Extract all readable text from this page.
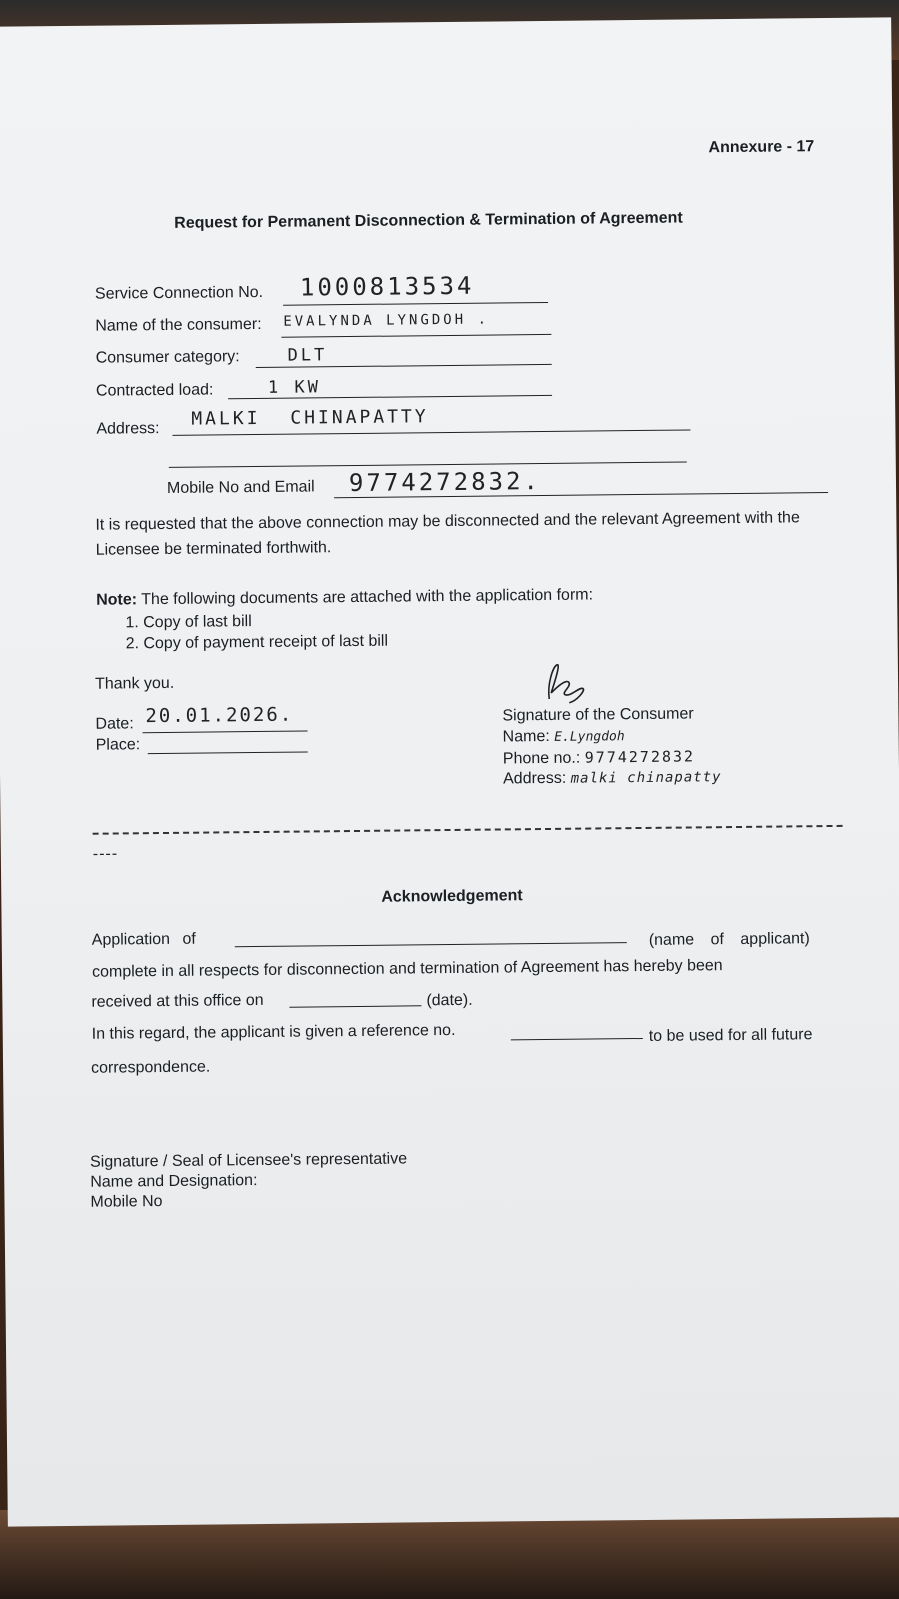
Annexure - 17
Request for Permanent Disconnection & Termination of Agreement
Service Connection No. 1000813534
Name of the consumer: EVALYNDA LYNGDOH .
Consumer category:	DLT
Contracted load:	1 KW
Address: MALKI CHINAPATTY
Mobile No and Email 9774272832.
It is requested that the above connection may be disconnected and the relevant Agreement with the Licensee be terminated forthwith.
Note: The following documents are attached with the application form:
1. Copy of last bill
2. Copy of payment receipt of last bill
Thank you.
Date: 20.01.2026.
Place:
Signature of the Consumer
Name: E.Lyngdoh
Phone no.: 9774272832
Address: malki chinapatty
----
Acknowledgement
Application of	(name of applicant)
complete in all respects for disconnection and termination of Agreement has hereby been
received at this office on	(date).
In this regard, the applicant is given a reference no.	to be used for all future
correspondence.
Signature / Seal of Licensee's representative
Name and Designation:
Mobile No
